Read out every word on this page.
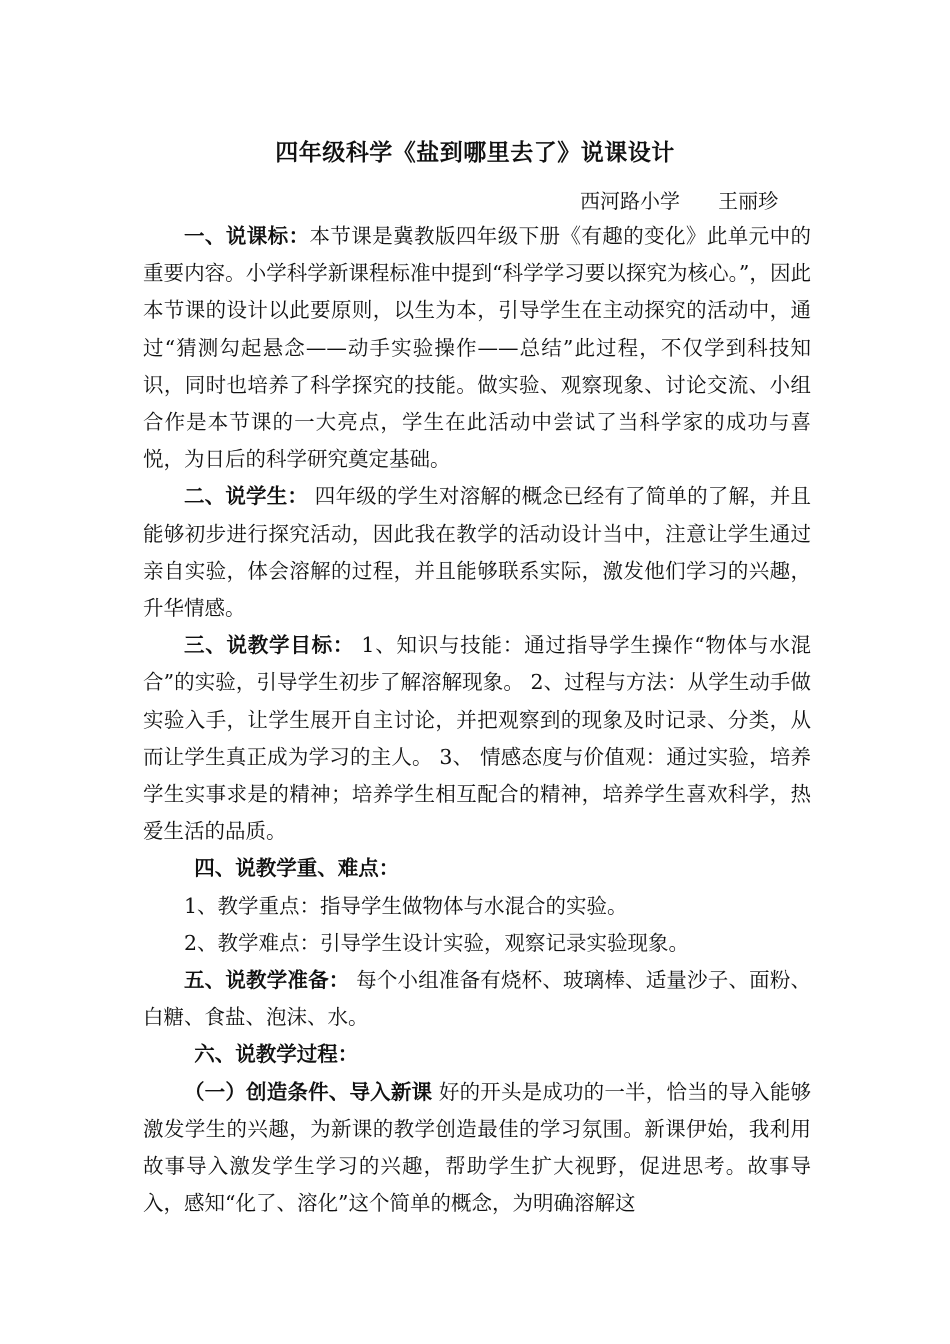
四年级科学《盐到哪里去了》说课设计
西河路小学      王丽珍

一、说课标：本节课是冀教版四年级下册《有趣的变化》此单元中的重要内容。小学科学新课程标准中提到“科学学习要以探究为核心。”，因此本节课的设计以此要原则，以生为本，引导学生在主动探究的活动中，通过“猜测勾起悬念——动手实验操作——总结”此过程，不仅学到科技知识，同时也培养了科学探究的技能。做实验、观察现象、讨论交流、小组合作是本节课的一大亮点，学生在此活动中尝试了当科学家的成功与喜悦，为日后的科学研究奠定基础。

二、说学生： 四年级的学生对溶解的概念已经有了简单的了解，并且能够初步进行探究活动，因此我在教学的活动设计当中，注意让学生通过亲自实验，体会溶解的过程，并且能够联系实际，激发他们学习的兴趣，升华情感。

三、说教学目标： 1、知识与技能：通过指导学生操作“物体与水混合”的实验，引导学生初步了解溶解现象。 2、过程与方法：从学生动手做实验入手，让学生展开自主讨论，并把观察到的现象及时记录、分类，从而让学生真正成为学习的主人。 3、 情感态度与价值观：通过实验，培养学生实事求是的精神；培养学生相互配合的精神，培养学生喜欢科学，热爱生活的品质。

四、说教学重、难点：

1、教学重点：指导学生做物体与水混合的实验。

2、教学难点：引导学生设计实验，观察记录实验现象。

五、说教学准备： 每个小组准备有烧杯、玻璃棒、适量沙子、面粉、白糖、食盐、泡沫、水。

六、说教学过程：

（一）创造条件、导入新课 好的开头是成功的一半，恰当的导入能够激发学生的兴趣，为新课的教学创造最佳的学习氛围。新课伊始，我利用故事导入激发学生学习的兴趣，帮助学生扩大视野，促进思考。故事导入，感知“化了、溶化”这个简单的概念，为明确溶解这
